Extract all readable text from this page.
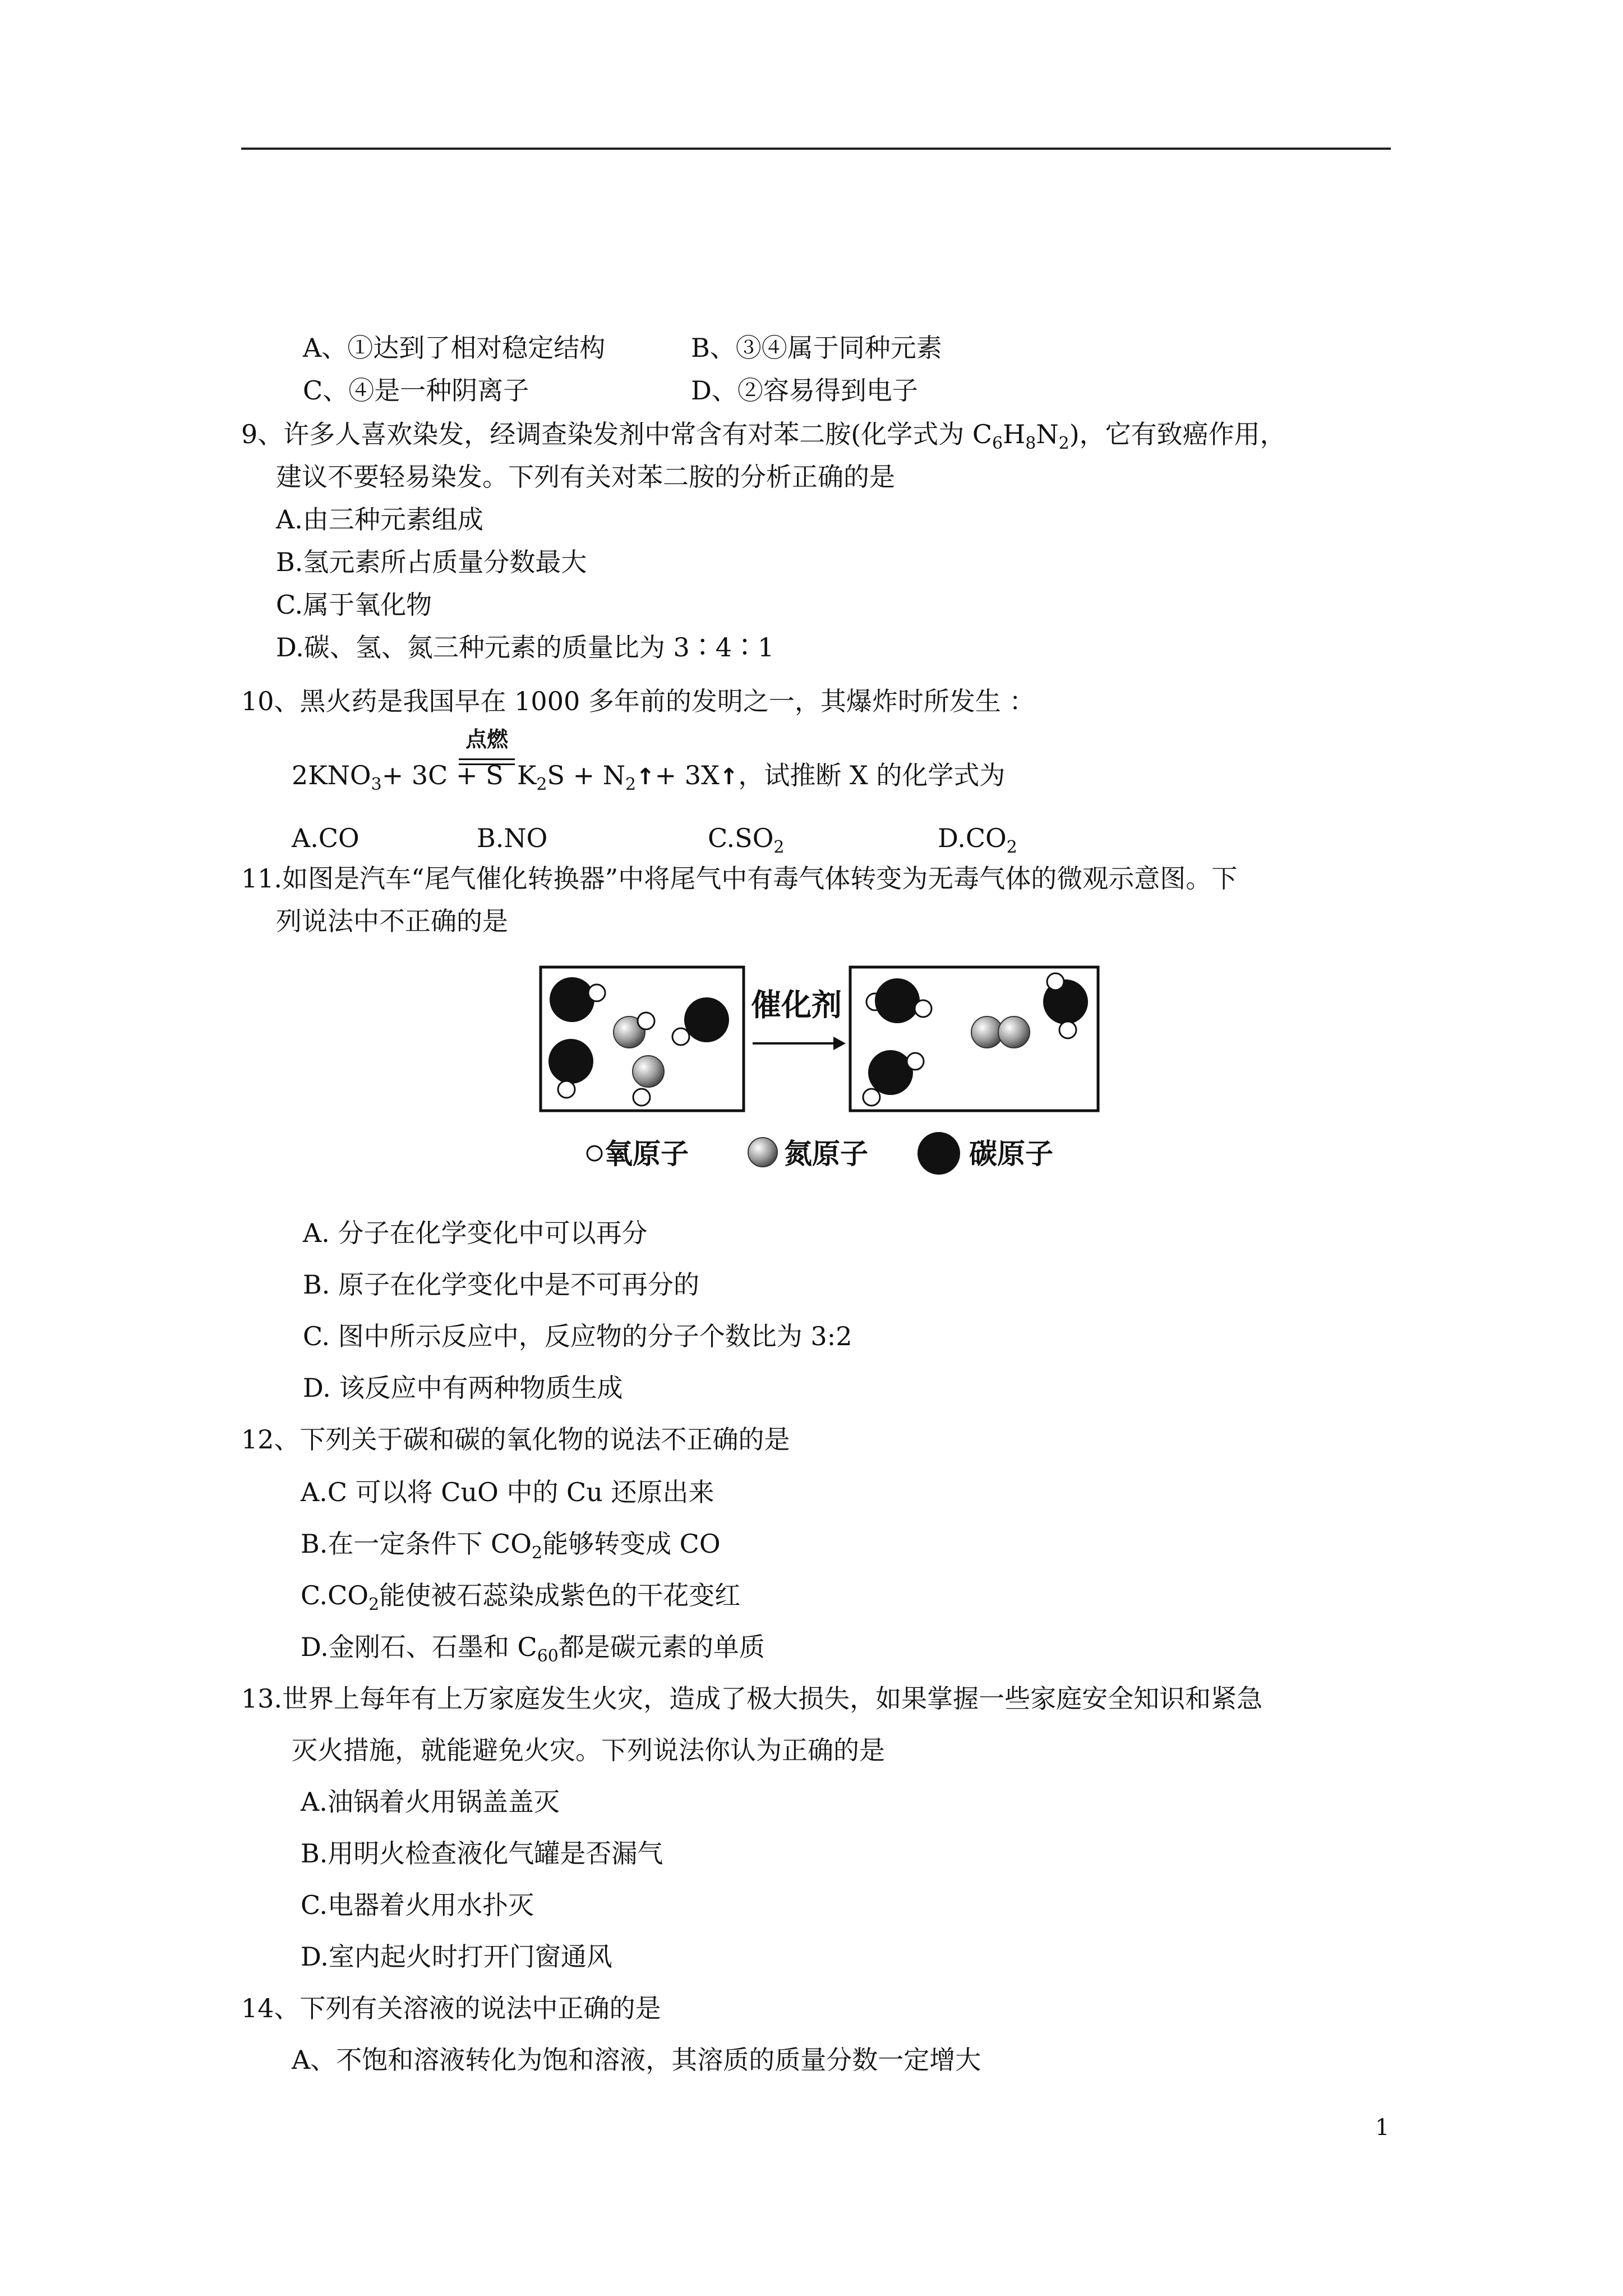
A、①达到了相对稳定结构	B、③④属于同种元素
C、④是一种阴离子	D、②容易得到电子
9、许多人喜欢染发，经调查染发剂中常含有对苯二胺(化学式为 $C_6H_8N_2$)，它有致癌作用，
建议不要轻易染发。下列有关对苯二胺的分析正确的是
A.由三种元素组成
B.氢元素所占质量分数最大
C.属于氧化物
D.碳、氢、氮三种元素的质量比为 3∶4∶1
10、黑火药是我国早在 1000 多年前的发明之一，其爆炸时所发生 ：
点燃
$2KNO_3+ 3C + S$ $K_2S$ + $N_2↑+$ 3X↑，试推断 X 的化学式为
A.CO	B.NO	$C.SO_2$	$D.CO_2$
11.如图是汽车“尾气催化转换器”中将尾气中有毒气体转变为无毒气体的微观示意图。下
列说法中不正确的是
催化剂
氧原子	氮原子	碳原子
A. 分子在化学变化中可以再分
B. 原子在化学变化中是不可再分的
C. 图中所示反应中，反应物的分子个数比为 3:2
D. 该反应中有两种物质生成
12、下列关于碳和碳的氧化物的说法不正确的是
A.C 可以将 CuO 中的 Cu 还原出来
B.在一定条件下 $CO_2$能够转变成 CO
$C.CO_2$能使被石蕊染成紫色的干花变红
D.金刚石、石墨和 $C_{60}$都是碳元素的单质
13.世界上每年有上万家庭发生火灾，造成了极大损失，如果掌握一些家庭安全知识和紧急
灭火措施，就能避免火灾。下列说法你认为正确的是
A.油锅着火用锅盖盖灭
B.用明火检查液化气罐是否漏气
C.电器着火用水扑灭
D.室内起火时打开门窗通风
14、下列有关溶液的说法中正确的是
A、不饱和溶液转化为饱和溶液，其溶质的质量分数一定增大
1
